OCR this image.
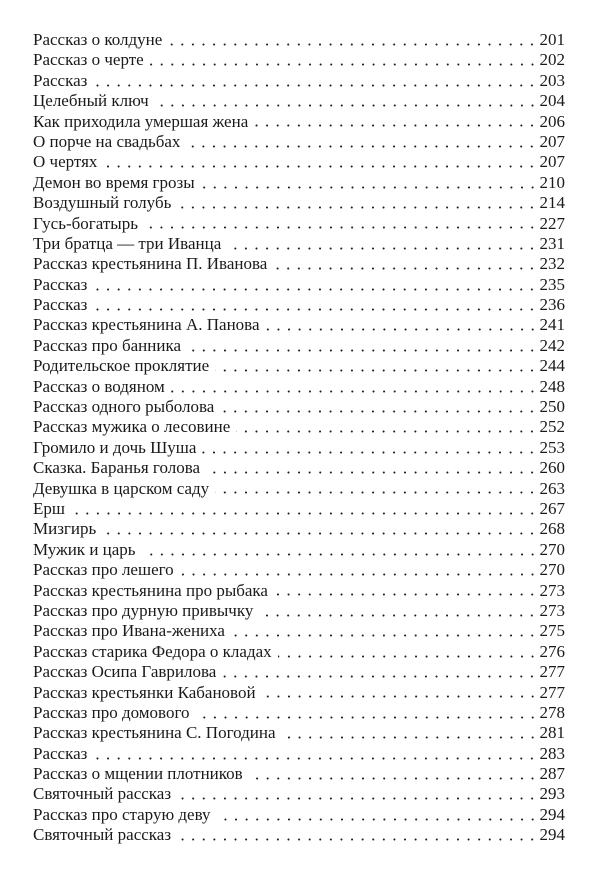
Рассказ о колдуне	201
Рассказ о черте	202
Рассказ	203
Целебный ключ	204
Как приходила умершая жена	206
О порче на свадьбах	207
О чертях	207
Демон во время грозы	210
Воздушный голубь	214
Гусь-богатырь	227
Три братца — три Иванца	231
Рассказ крестьянина П. Иванова	232
Рассказ	235
Рассказ	236
Рассказ крестьянина А. Панова	241
Рассказ про банника	242
Родительское проклятие	244
Рассказ о водяном	248
Рассказ одного рыболова	250
Рассказ мужика о лесовине	252
Громило и дочь Шуша	253
Сказка. Баранья голова	260
Девушка в царском саду	263
Ерш	267
Мизгирь	268
Мужик и царь	270
Рассказ про лешего	270
Рассказ крестьянина про рыбака	273
Рассказ про дурную привычку	273
Рассказ про Ивана-жениха	275
Рассказ старика Федора о кладах	276
Рассказ Осипа Гаврилова	277
Рассказ крестьянки Кабановой	277
Рассказ про домового	278
Рассказ крестьянина С. Погодина	281
Рассказ	283
Рассказ о мщении плотников	287
Святочный рассказ	293
Рассказ про старую деву	294
Святочный рассказ	294
